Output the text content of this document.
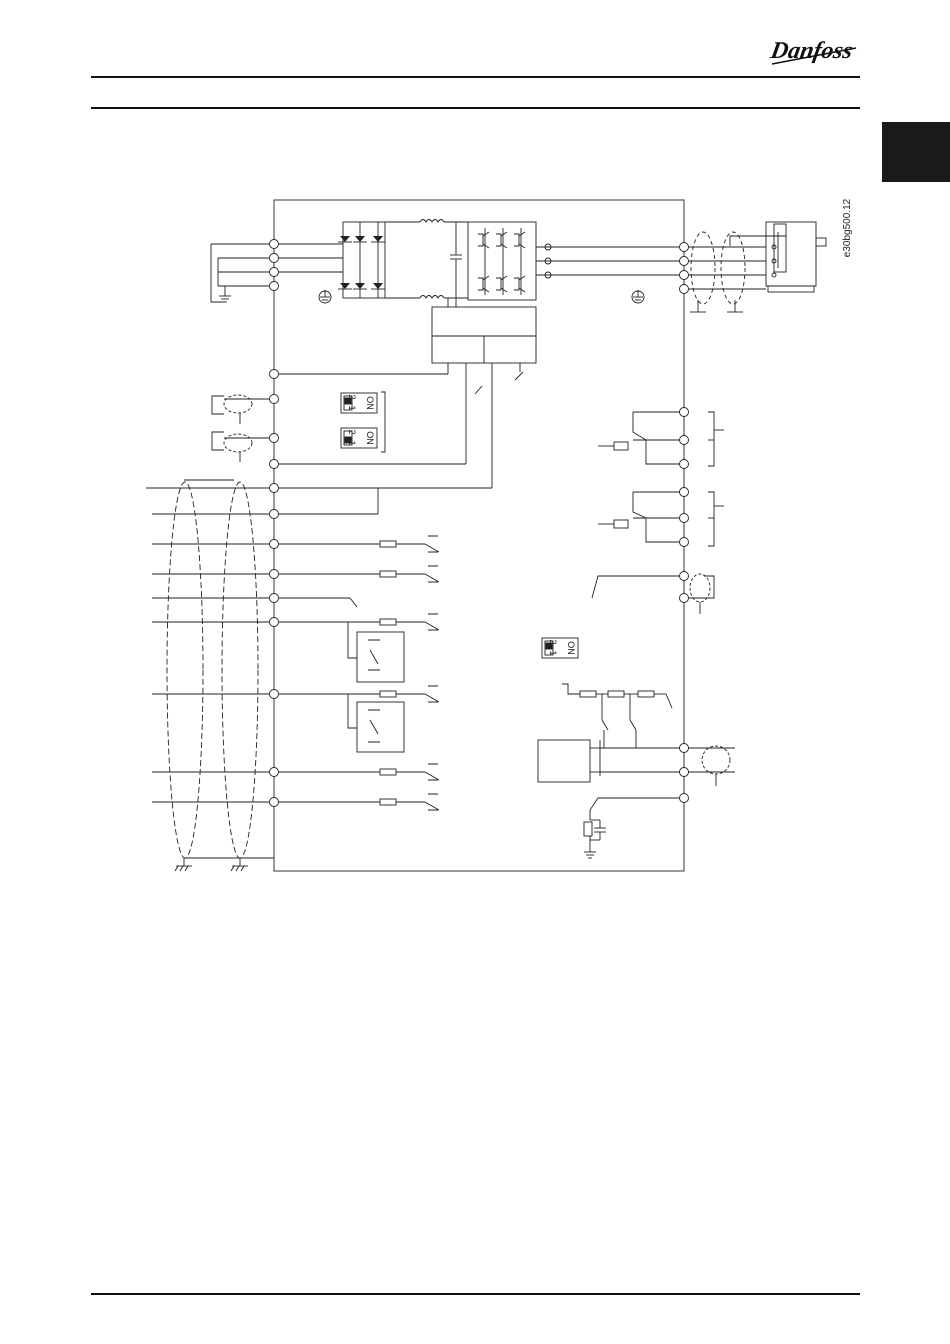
Danfoss
ON
1
2
ON
1
2
ON
1
2
e30bg500.12
